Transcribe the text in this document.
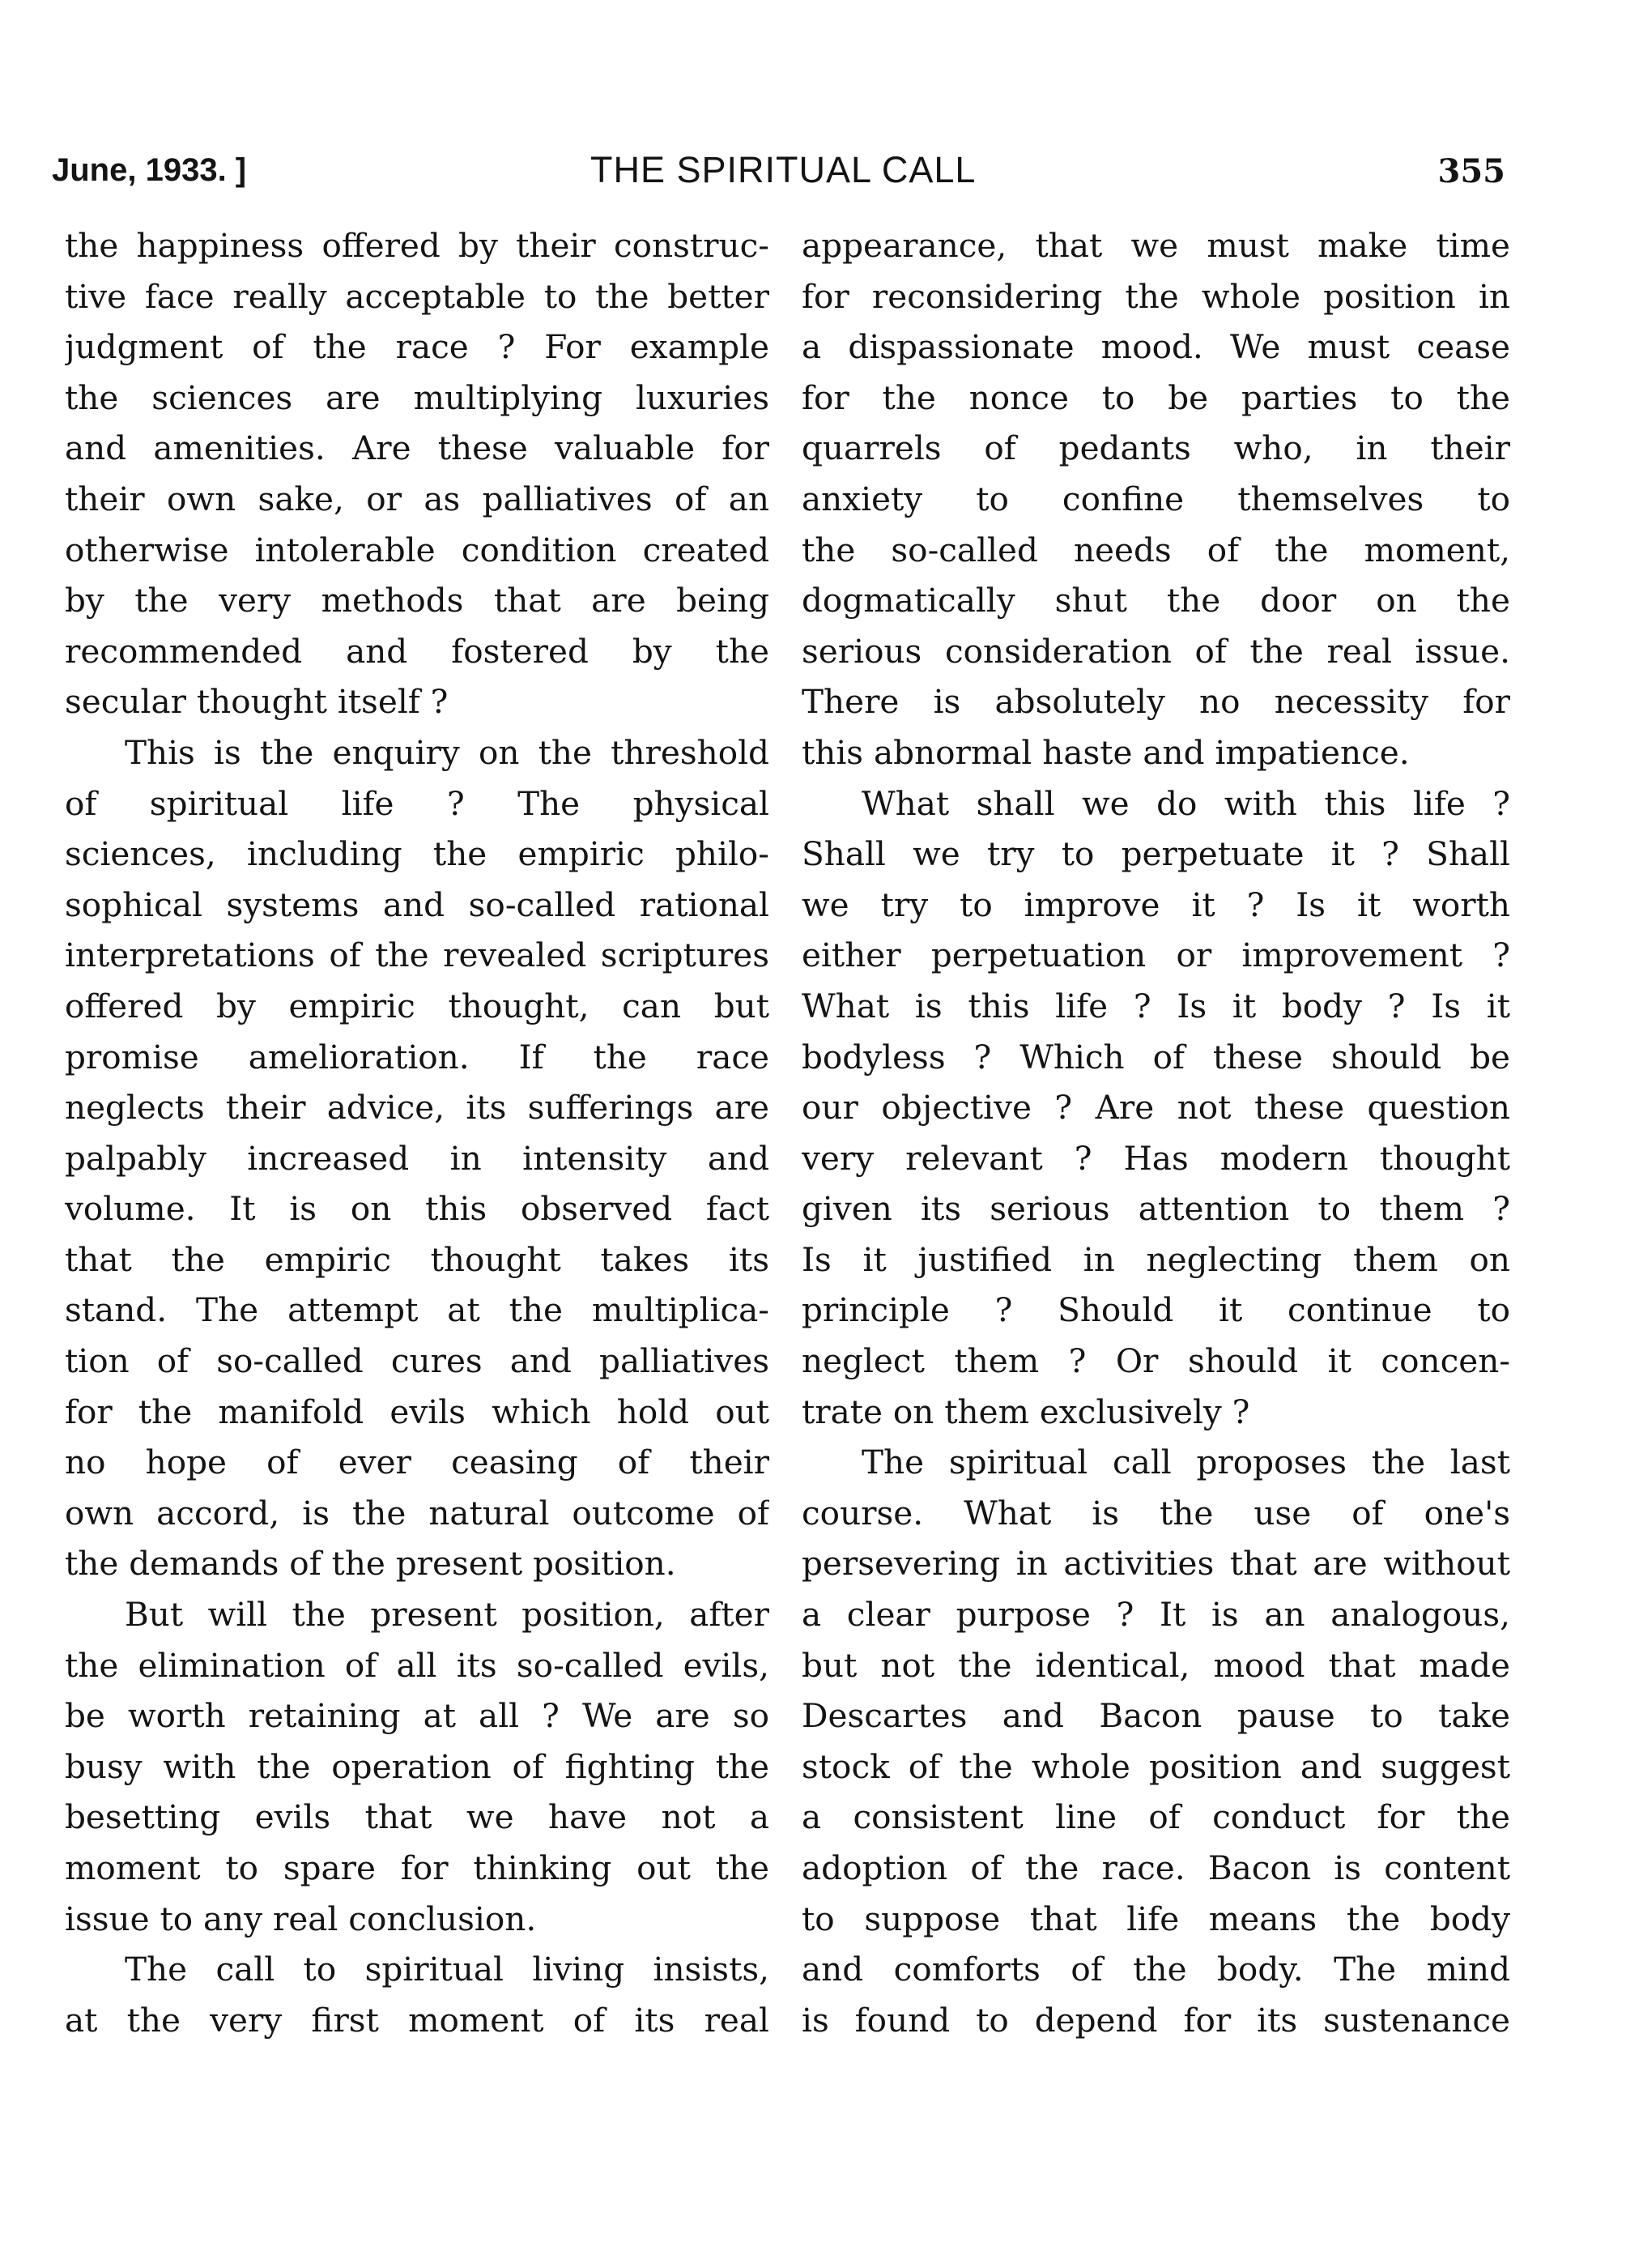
June, 1933. ]	THE SPIRITUAL CALL	355
the happiness offered by their construc-
tive face really acceptable to the better
judgment of the race ? For example
the sciences are multiplying luxuries
and amenities. Are these valuable for
their own sake, or as palliatives of an
otherwise intolerable condition created
by the very methods that are being
recommended and fostered by the
secular thought itself ?
This is the enquiry on the threshold
of spiritual life ? The physical
sciences, including the empiric philo-
sophical systems and so-called rational
interpretations of the revealed scriptures
offered by empiric thought, can but
promise amelioration. If the race
neglects their advice, its sufferings are
palpably increased in intensity and
volume. It is on this observed fact
that the empiric thought takes its
stand. The attempt at the multiplica-
tion of so-called cures and palliatives
for the manifold evils which hold out
no hope of ever ceasing of their
own accord, is the natural outcome of
the demands of the present position.
But will the present position, after
the elimination of all its so-called evils,
be worth retaining at all ? We are so
busy with the operation of fighting the
besetting evils that we have not a
moment to spare for thinking out the
issue to any real conclusion.
The call to spiritual living insists,
at the very first moment of its real
appearance, that we must make time
for reconsidering the whole position in
a dispassionate mood. We must cease
for the nonce to be parties to the
quarrels of pedants who, in their
anxiety to confine themselves to
the so-called needs of the moment,
dogmatically shut the door on the
serious consideration of the real issue.
There is absolutely no necessity for
this abnormal haste and impatience.
What shall we do with this life ?
Shall we try to perpetuate it ? Shall
we try to improve it ? Is it worth
either perpetuation or improvement ?
What is this life ? Is it body ? Is it
bodyless ? Which of these should be
our objective ? Are not these question
very relevant ? Has modern thought
given its serious attention to them ?
Is it justified in neglecting them on
principle ? Should it continue to
neglect them ? Or should it concen-
trate on them exclusively ?
The spiritual call proposes the last
course. What is the use of one's
persevering in activities that are without
a clear purpose ? It is an analogous,
but not the identical, mood that made
Descartes and Bacon pause to take
stock of the whole position and suggest
a consistent line of conduct for the
adoption of the race. Bacon is content
to suppose that life means the body
and comforts of the body. The mind
is found to depend for its sustenance
